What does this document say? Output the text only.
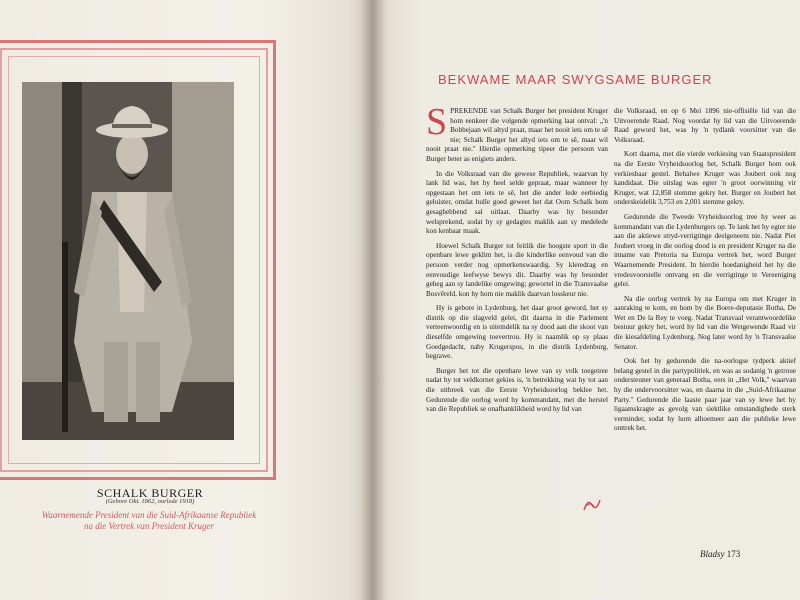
SCHALK BURGER
(Gebore Okt. 1862, oorlede 1918)
Waarnemende President van die Suid-Afrikaanse Republiek
na die Vertrek van President Kruger
BEKWAME MAAR SWYGSAME BURGER

SPREKENDE van Schalk Burger het president Kruger hom eenkeer die volgende opmerking laat ontval: „'n Bobbejaan wil altyd praat, maar het nooit iets om te sê nie; Schalk Burger het altyd iets om te sê, maar wil nooit praat nie.'' Hierdie opmerking tipeer die persoon van Burger beter as enigiets anders.

In die Volksraad van die gewese Republiek, waarvan hy lank lid was, het hy heel selde gepraat, maar wanneer hy opgestaan het om iets te sê, het die ander lede eerbiedig geluister, omdat hulle goed geweet het dat Oom Schalk hom gesaghebbend sal uitlaat. Daarby was hy besonder welsprekend, sodat hy sy gedagtes maklik aan sy medelede kon kenbaar maak.

Hoewel Schalk Burger tot feitlik die hoogste sport in die openbare lewe geklim het, is die kinderlike eenvoud van die persoon verder nog opmerkenswaardig. Sy kleredrag en eenvoudige leefwyse bewys dit. Daarby was hy besonder geheg aan sy landelike omgewing; gewortel in die Transvaalse Bosvêreld, kon hy hom nie maklik daarvan losskeur nie.

Hy is gebore in Lydenburg, het daar groot geword, het sy distrik op die slagveld gelei, dit daarna in die Parlement verteenwoordig en is uiteindelik na sy dood aan die skoot van dieselfde omgewing toevertrou. Hy is naamlik op sy plaas Goedgedacht, naby Krugerspos, in die distrik Lydenburg, begrawe.

Burger het tot die openbare lewe van sy volk toegetree nadat hy tot veldkornet gekies is, 'n betrekking wat hy tot aan die uitbreek van die Eerste Vryheidsoorlog beklee het. Gedurende die oorlog word hy kommandant, met die herstel van die Republiek se onafhanklikheid word hy lid van

die Volksraad, en op 6 Mei 1896 nie-offisiële lid van die Uitvoerende Raad. Nog voordat hy lid van die Uitvoerende Raad geword het, was hy 'n tydlank voorsitter van die Volksraad.

Kort daarna, met die vierde verkiesing van Staatspresident na die Eerste Vryheidsoorlog het, Schalk Burger hom ook verkiesbaar gestel. Behalwe Kruger was Joubert ook nog kandidaat. Die uitslag was egter 'n groot oorwinning vir Kruger, wat 12,858 stemme gekry het. Burger en Joubert het onderskeidelik 3,753 en 2,001 stemme gekry.

Gedurende die Tweede Vryheidsoorlog tree hy weer as kommandant van die Lydenburgers op. Te lank het hy egter nie aan die aktiewe stryd-verrigtinge deelgeneem nie. Nadat Piet Joubert vroeg in die oorlog dood is en president Kruger na die inname van Pretoria na Europa vertrek het, word Burger Waarnemende President. In hierdie hoedanigheid het hy die vredesvoorstelle ontvang en die verrigtinge te Vereeniging gelei.

Na die oorlog vertrek hy na Europa om met Kruger in aanraking te kom, en hom by die Boere-deputasie Botha, De Wet en De la Rey te voeg. Nadat Transvaal verantwoordelike bestuur gekry het, word hy lid van die Wetgewende Raad vir die kiesafdeling Lydenburg. Nog later word hy 'n Transvaalse Senator.

Ook het hy gedurende die na-oorlogse tydperk aktief belang gestel in die partypolitiek, en was as sodanig 'n getroue ondersteuner van generaal Botha, eers in „Het Volk,'' waarvan hy die ondervoorsitter was, en daarna in die „Suid-Afrikaanse Party.'' Gedurende die laaste paar jaar van sy lewe het hy ligaamskragte as gevolg van siektlike omstandighede sterk verminder, sodat hy hom alhoemeer aan die publieke lewe onttrek het.

Bladsy 173
